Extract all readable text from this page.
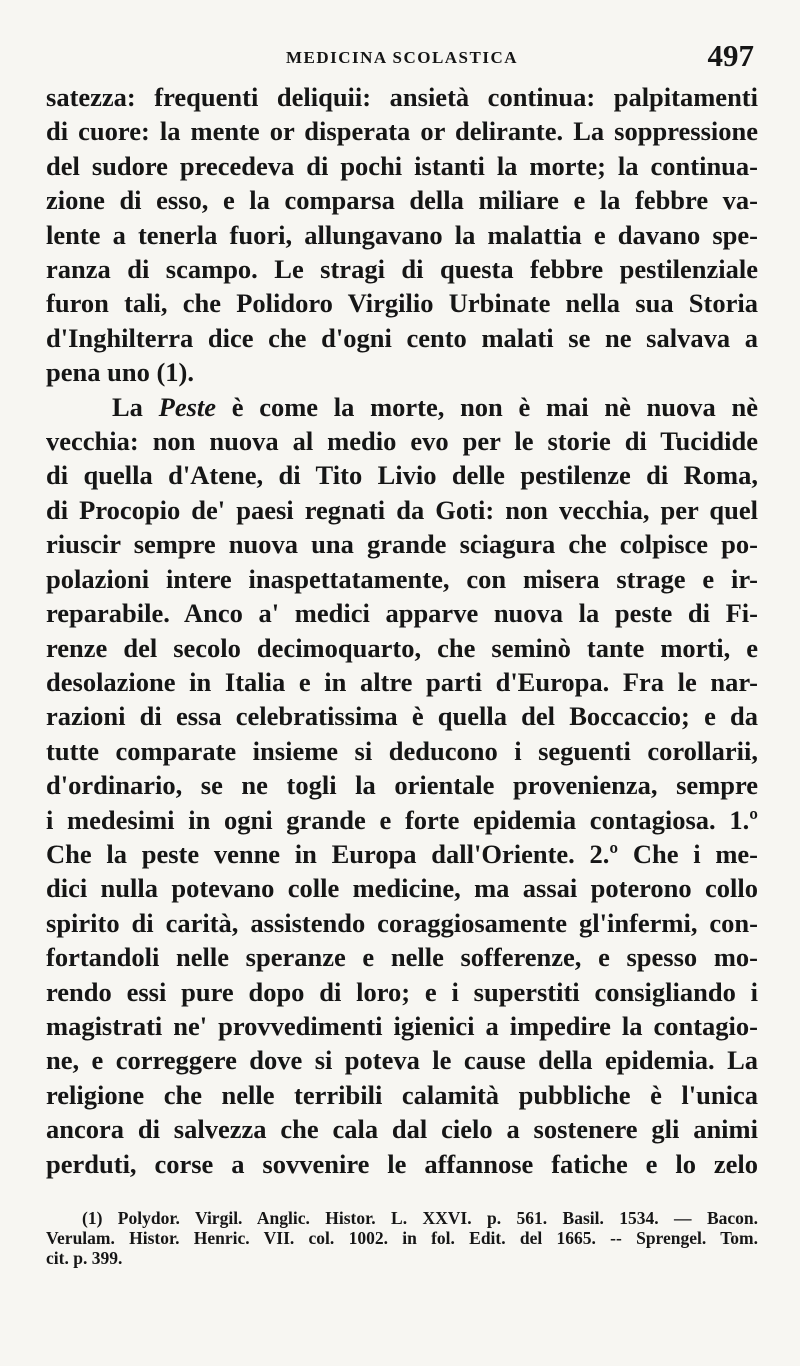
MEDICINA SCOLASTICA	497
satezza: frequenti deliquii: ansietà continua: palpitamenti
di cuore: la mente or disperata or delirante. La soppressione
del sudore precedeva di pochi istanti la morte; la continua-
zione di esso, e la comparsa della miliare e la febbre va-
lente a tenerla fuori, allungavano la malattia e davano spe-
ranza di scampo. Le stragi di questa febbre pestilenziale
furon tali, che Polidoro Virgilio Urbinate nella sua Storia
d'Inghilterra dice che d'ogni cento malati se ne salvava a
pena uno (1).
La Peste è come la morte, non è mai nè nuova nè
vecchia: non nuova al medio evo per le storie di Tucidide
di quella d'Atene, di Tito Livio delle pestilenze di Roma,
di Procopio de' paesi regnati da Goti: non vecchia, per quel
riuscir sempre nuova una grande sciagura che colpisce po-
polazioni intere inaspettatamente, con misera strage e ir-
reparabile. Anco a' medici apparve nuova la peste di Fi-
renze del secolo decimoquarto, che seminò tante morti, e
desolazione in Italia e in altre parti d'Europa. Fra le nar-
razioni di essa celebratissima è quella del Boccaccio; e da
tutte comparate insieme si deducono i seguenti corollarii,
d'ordinario, se ne togli la orientale provenienza, sempre
i medesimi in ogni grande e forte epidemia contagiosa. 1.º
Che la peste venne in Europa dall'Oriente. 2.º Che i me-
dici nulla potevano colle medicine, ma assai poterono collo
spirito di carità, assistendo coraggiosamente gl'infermi, con-
fortandoli nelle speranze e nelle sofferenze, e spesso mo-
rendo essi pure dopo di loro; e i superstiti consigliando i
magistrati ne' provvedimenti igienici a impedire la contagio-
ne, e correggere dove si poteva le cause della epidemia. La
religione che nelle terribili calamità pubbliche è l'unica
ancora di salvezza che cala dal cielo a sostenere gli animi
perduti, corse a sovvenire le affannose fatiche e lo zelo
(1) Polydor. Virgil. Anglic. Histor. L. XXVI. p. 561. Basil. 1534. — Bacon.
Verulam. Histor. Henric. VII. col. 1002. in fol. Edit. del 1665. -- Sprengel. Tom.
cit. p. 399.
